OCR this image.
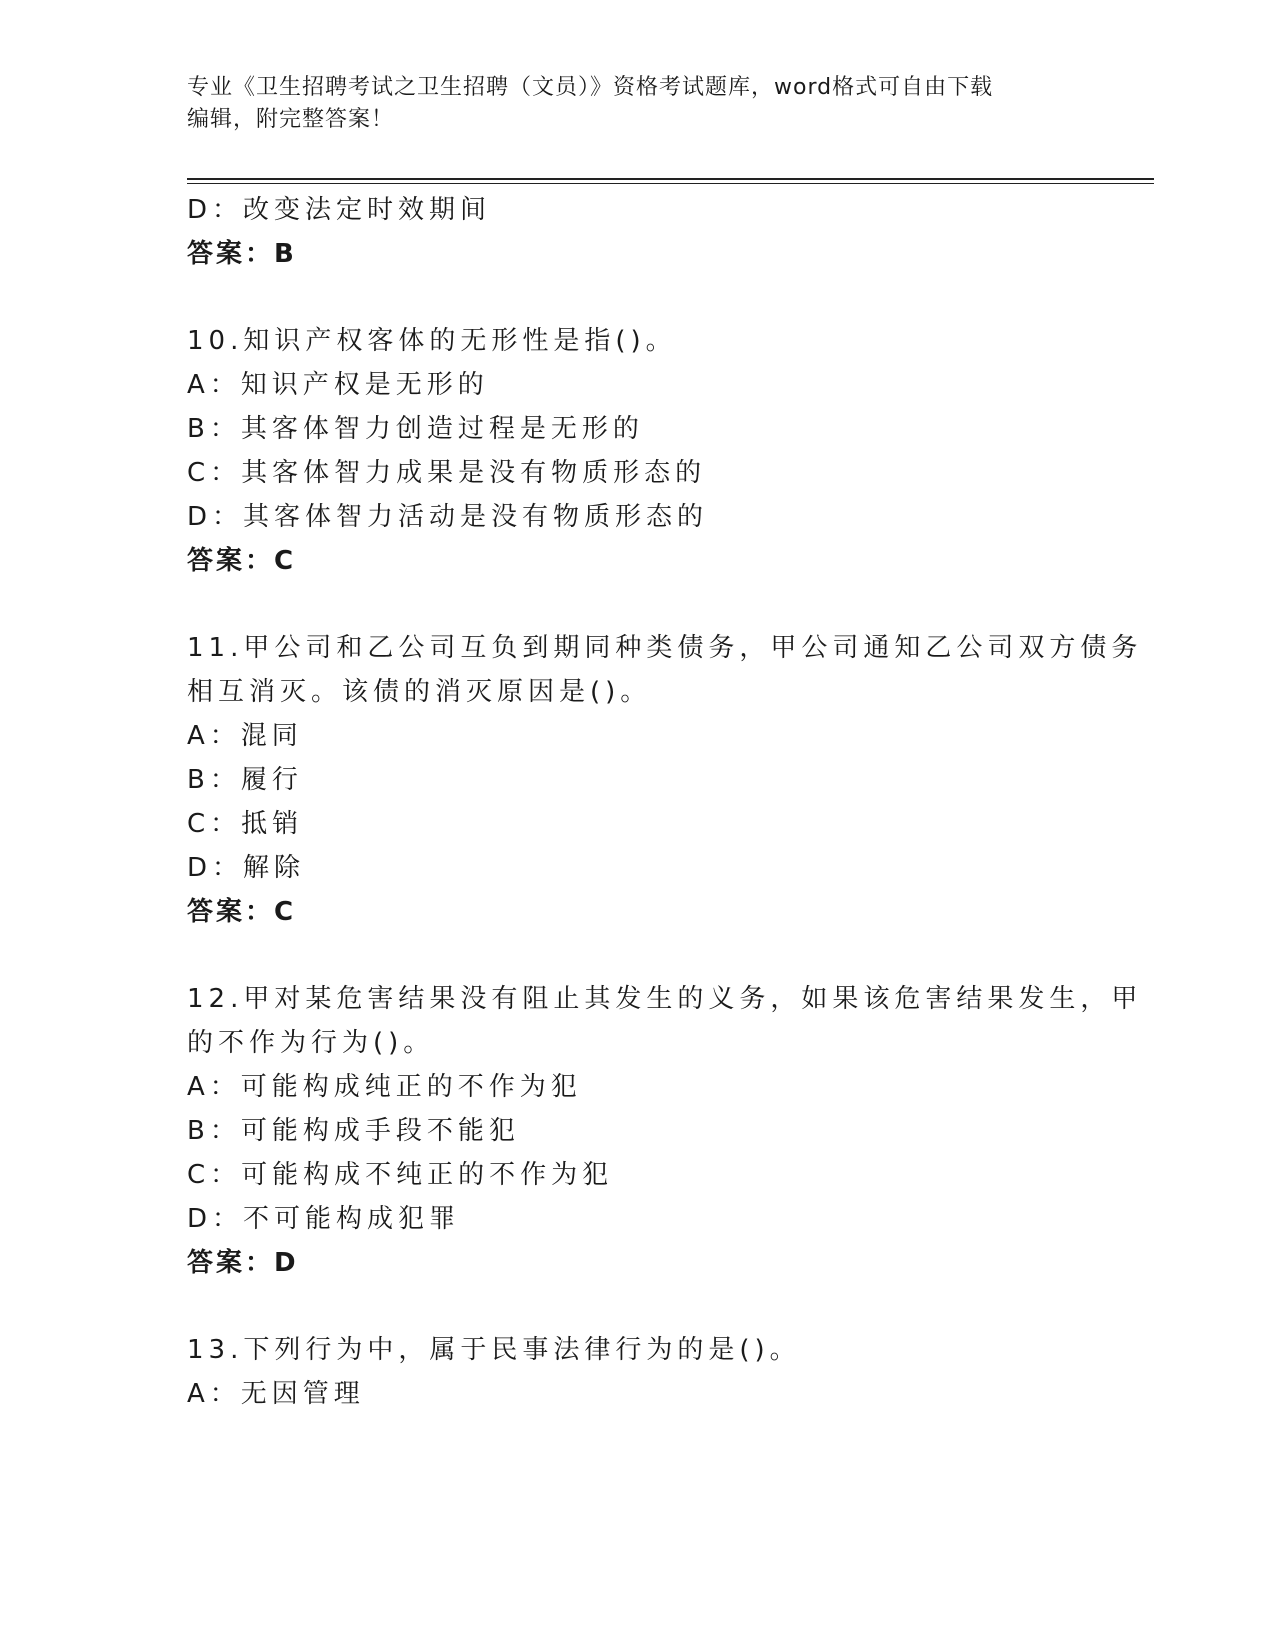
专业《卫生招聘考试之卫生招聘（文员）》资格考试题库，word格式可自由下载
编辑，附完整答案！
D：改变法定时效期间
答案：B
10.知识产权客体的无形性是指()。
A：知识产权是无形的
B：其客体智力创造过程是无形的
C：其客体智力成果是没有物质形态的
D：其客体智力活动是没有物质形态的
答案：C
11.甲公司和乙公司互负到期同种类债务，甲公司通知乙公司双方债务
相互消灭。该债的消灭原因是()。
A：混同
B：履行
C：抵销
D：解除
答案：C
12.甲对某危害结果没有阻止其发生的义务，如果该危害结果发生，甲
的不作为行为()。
A：可能构成纯正的不作为犯
B：可能构成手段不能犯
C：可能构成不纯正的不作为犯
D：不可能构成犯罪
答案：D
13.下列行为中，属于民事法律行为的是()。
A：无因管理
